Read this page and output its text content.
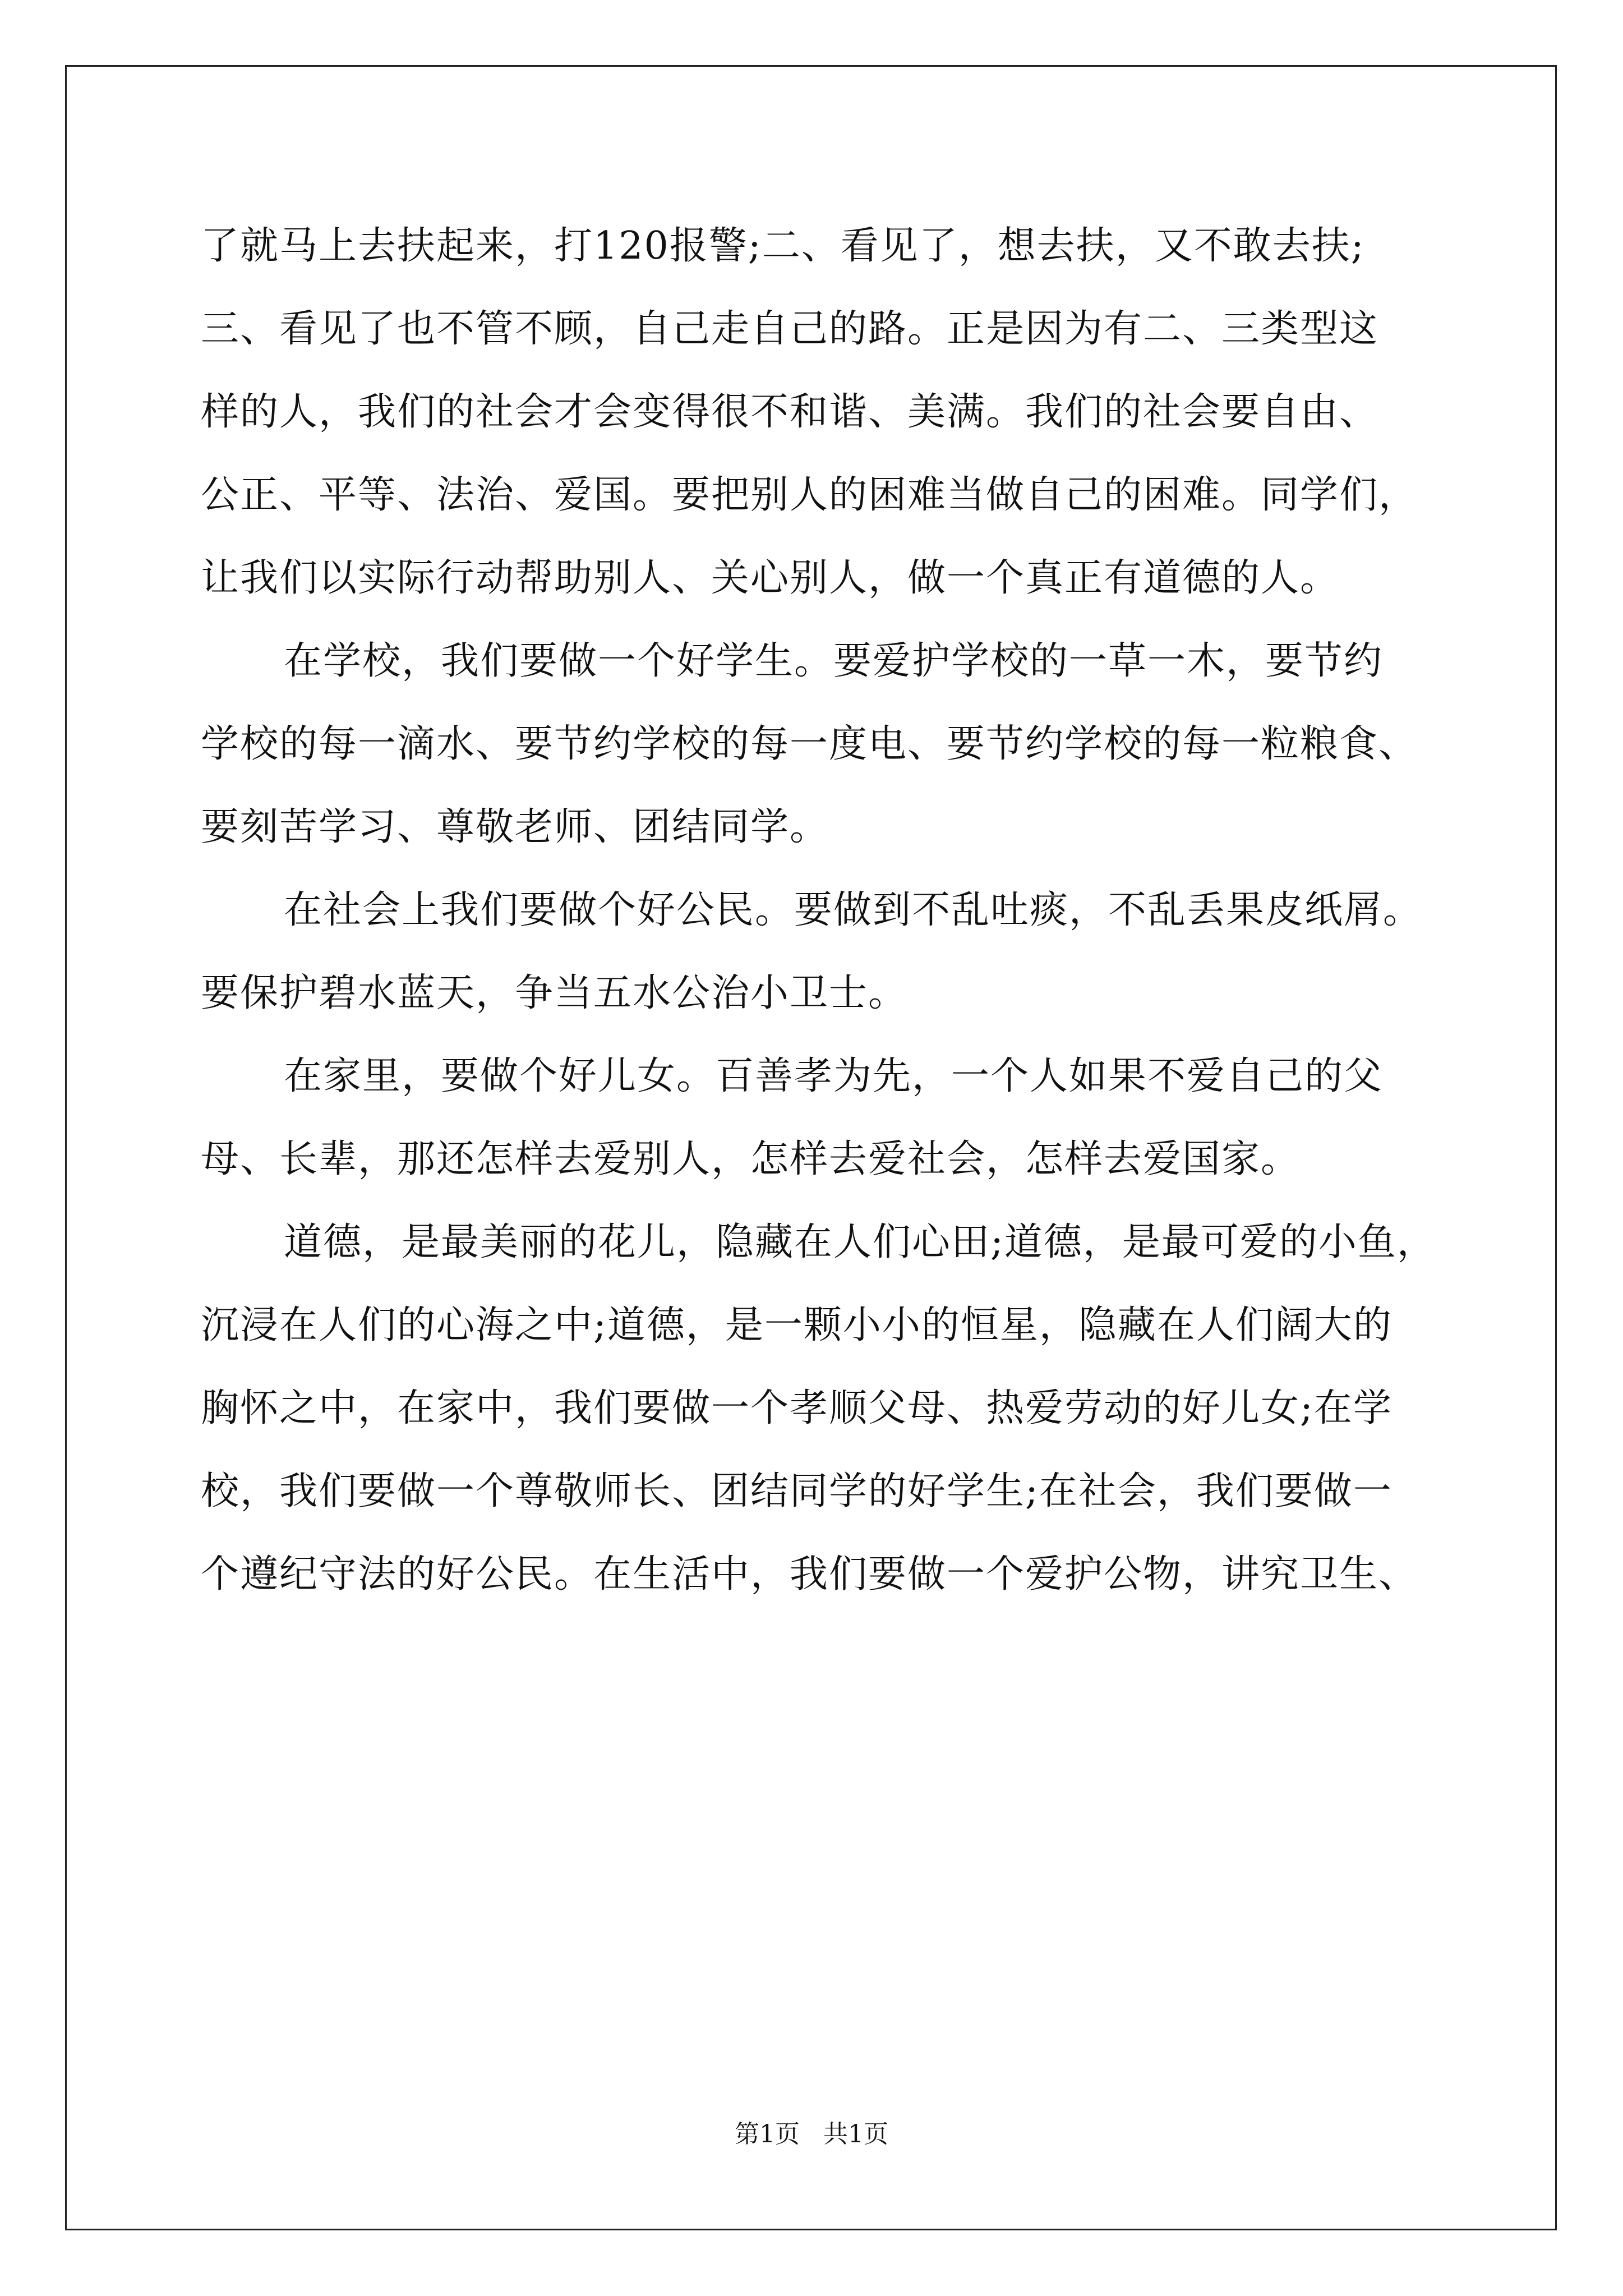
了就马上去扶起来，打120报警;二、看见了，想去扶，又不敢去扶;
三、看见了也不管不顾，自己走自己的路。正是因为有二、三类型这
样的人，我们的社会才会变得很不和谐、美满。我们的社会要自由、
公正、平等、法治、爱国。要把别人的困难当做自己的困难。同学们，
让我们以实际行动帮助别人、关心别人，做一个真正有道德的人。
在学校，我们要做一个好学生。要爱护学校的一草一木，要节约
学校的每一滴水、要节约学校的每一度电、要节约学校的每一粒粮食、
要刻苦学习、尊敬老师、团结同学。
在社会上我们要做个好公民。要做到不乱吐痰，不乱丢果皮纸屑。
要保护碧水蓝天，争当五水公治小卫士。
在家里，要做个好儿女。百善孝为先，一个人如果不爱自己的父
母、长辈，那还怎样去爱别人，怎样去爱社会，怎样去爱国家。
道德，是最美丽的花儿，隐藏在人们心田;道德，是最可爱的小鱼，
沉浸在人们的心海之中;道德，是一颗小小的恒星，隐藏在人们阔大的
胸怀之中，在家中，我们要做一个孝顺父母、热爱劳动的好儿女;在学
校，我们要做一个尊敬师长、团结同学的好学生;在社会，我们要做一
个遵纪守法的好公民。在生活中，我们要做一个爱护公物，讲究卫生、
第1页   共1页
